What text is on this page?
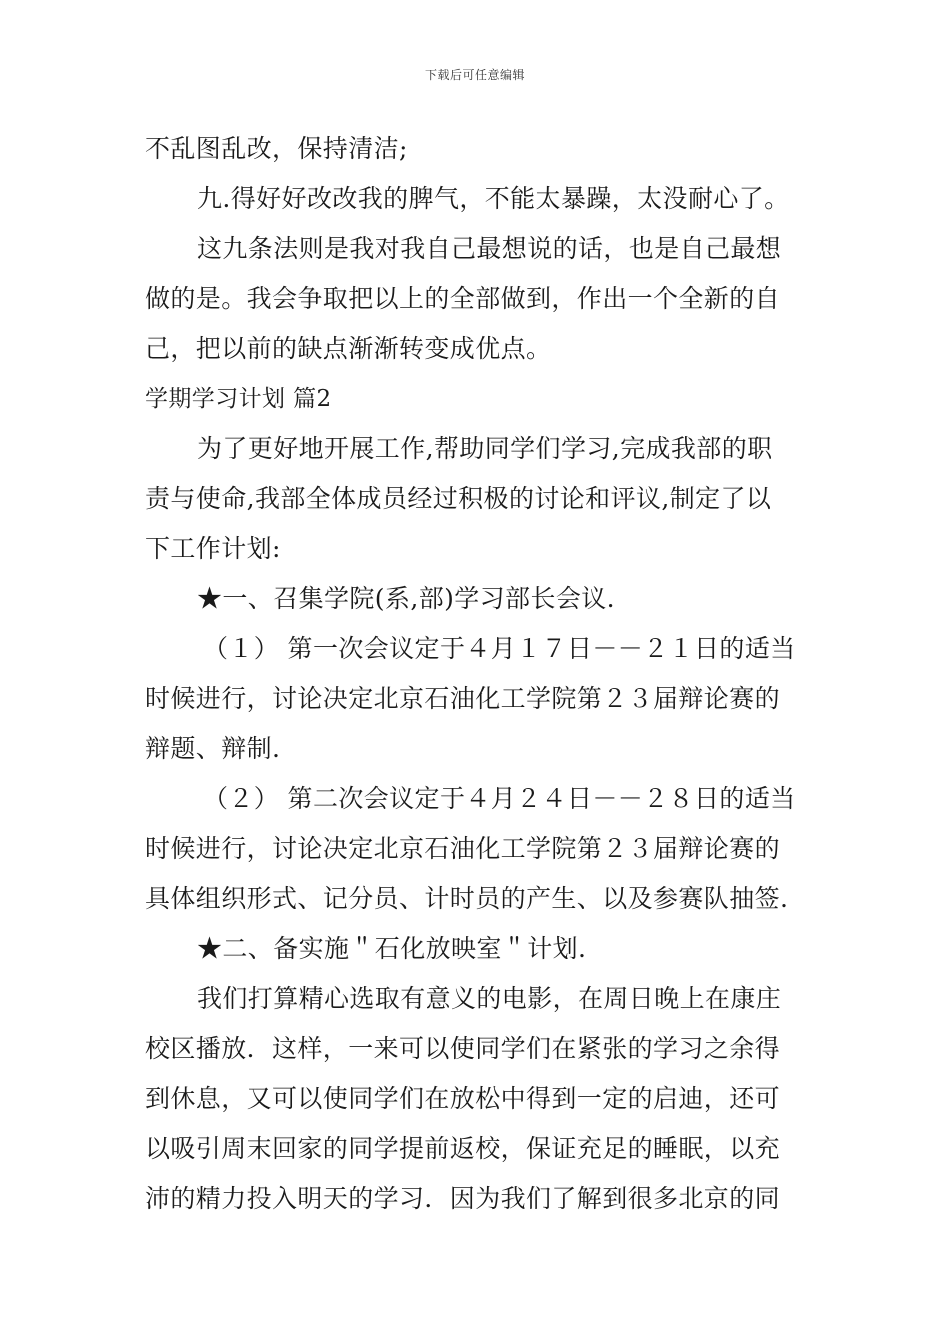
下载后可任意编辑
不乱图乱改，保持清洁;
九.得好好改改我的脾气，不能太暴躁，太没耐心了。
这九条法则是我对我自己最想说的话，也是自己最想
做的是。我会争取把以上的全部做到，作出一个全新的自
己，把以前的缺点渐渐转变成优点。
学期学习计划 篇2
为了更好地开展工作,帮助同学们学习,完成我部的职
责与使命,我部全体成员经过积极的讨论和评议,制定了以
下工作计划:
★一、召集学院(系,部)学习部长会议.
（１） 第一次会议定于４月１７日－－２１日的适当
时候进行，讨论决定北京石油化工学院第２３届辩论赛的
辩题、辩制.
（２） 第二次会议定于４月２４日－－２８日的适当
时候进行，讨论决定北京石油化工学院第２３届辩论赛的
具体组织形式、记分员、计时员的产生、以及参赛队抽签.
★二、备实施＂石化放映室＂计划.
我们打算精心选取有意义的电影，在周日晚上在康庄
校区播放．这样，一来可以使同学们在紧张的学习之余得
到休息，又可以使同学们在放松中得到一定的启迪，还可
以吸引周末回家的同学提前返校，保证充足的睡眠，以充
沛的精力投入明天的学习．因为我们了解到很多北京的同
